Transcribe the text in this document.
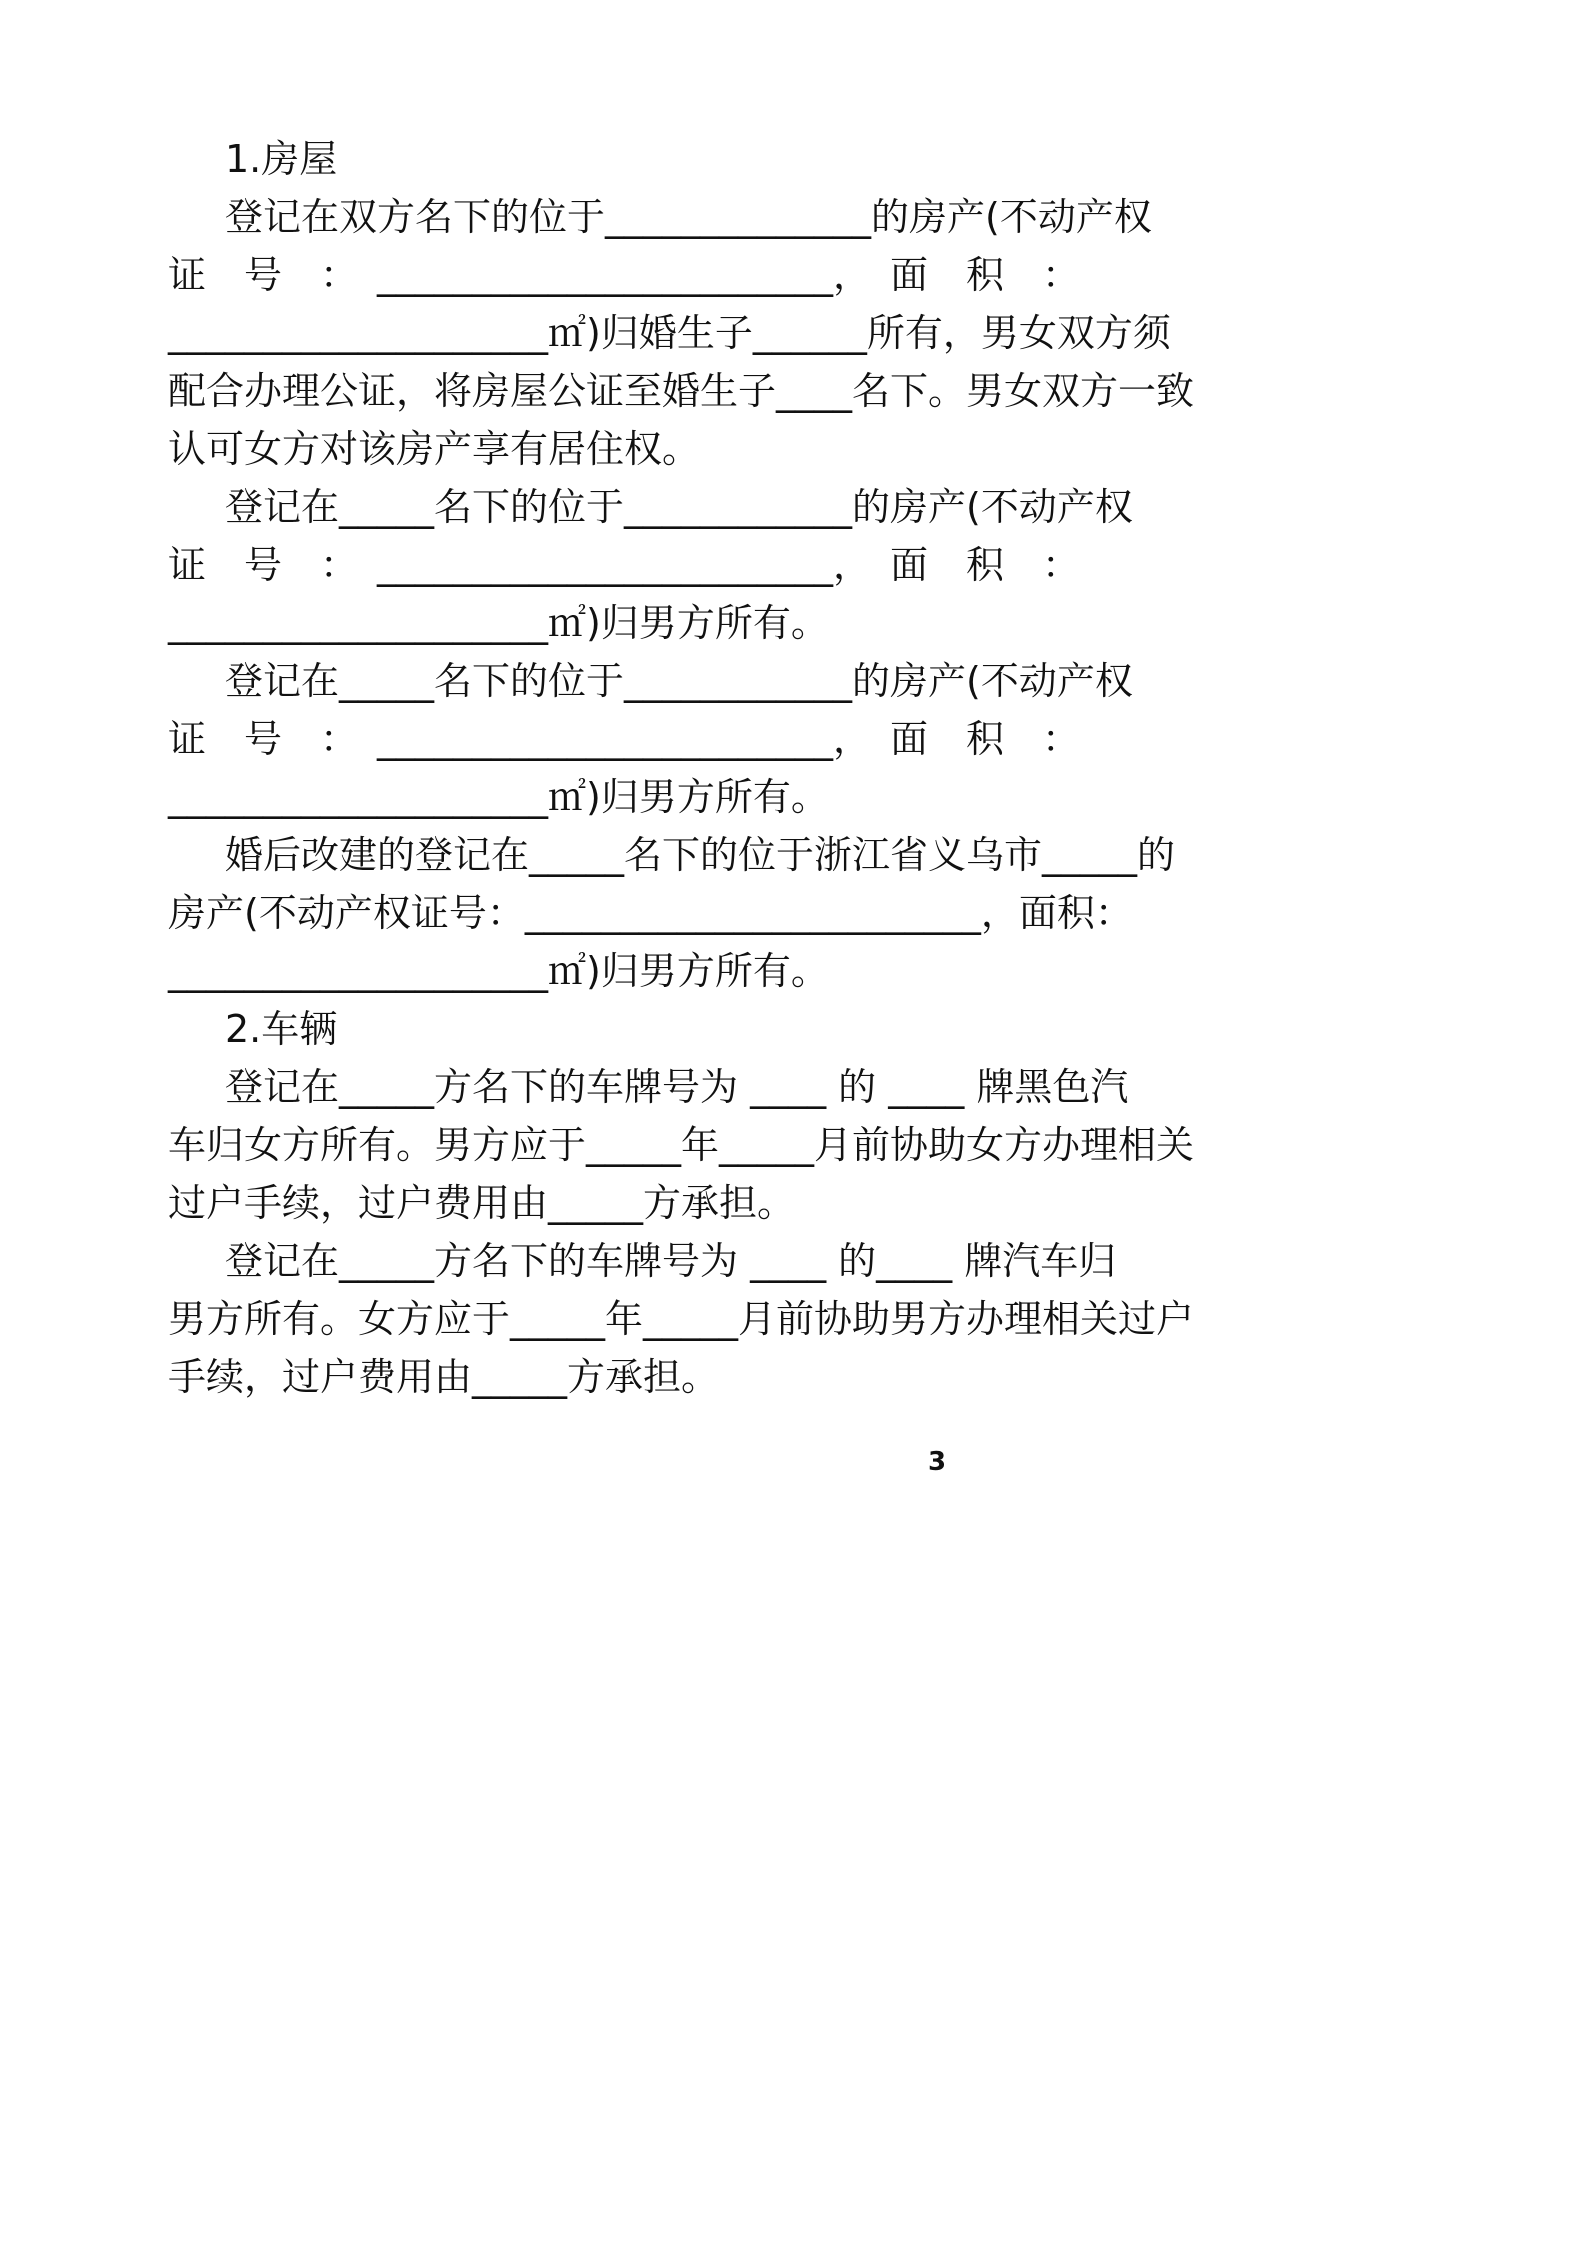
1.房屋

登记在双方名下的位于______________的房产(不动产权

证　号　：　________________________，　面　积　：

____________________㎡)归婚生子______所有，男女双方须

配合办理公证，将房屋公证至婚生子____名下。男女双方一致

认可女方对该房产享有居住权。

登记在_____名下的位于____________的房产(不动产权

证　号　：　________________________，　面　积　：

____________________㎡)归男方所有。

登记在_____名下的位于____________的房产(不动产权

证　号　：　________________________，　面　积　：

____________________㎡)归男方所有。

婚后改建的登记在_____名下的位于浙江省义乌市_____的

房产(不动产权证号：________________________，面积：

____________________㎡)归男方所有。

2.车辆

登记在_____方名下的车牌号为 ____ 的 ____ 牌黑色汽

车归女方所有。男方应于_____年_____月前协助女方办理相关

过户手续，过户费用由_____方承担。

登记在_____方名下的车牌号为 ____ 的____ 牌汽车归

男方所有。女方应于_____年_____月前协助男方办理相关过户

手续，过户费用由_____方承担。

3
